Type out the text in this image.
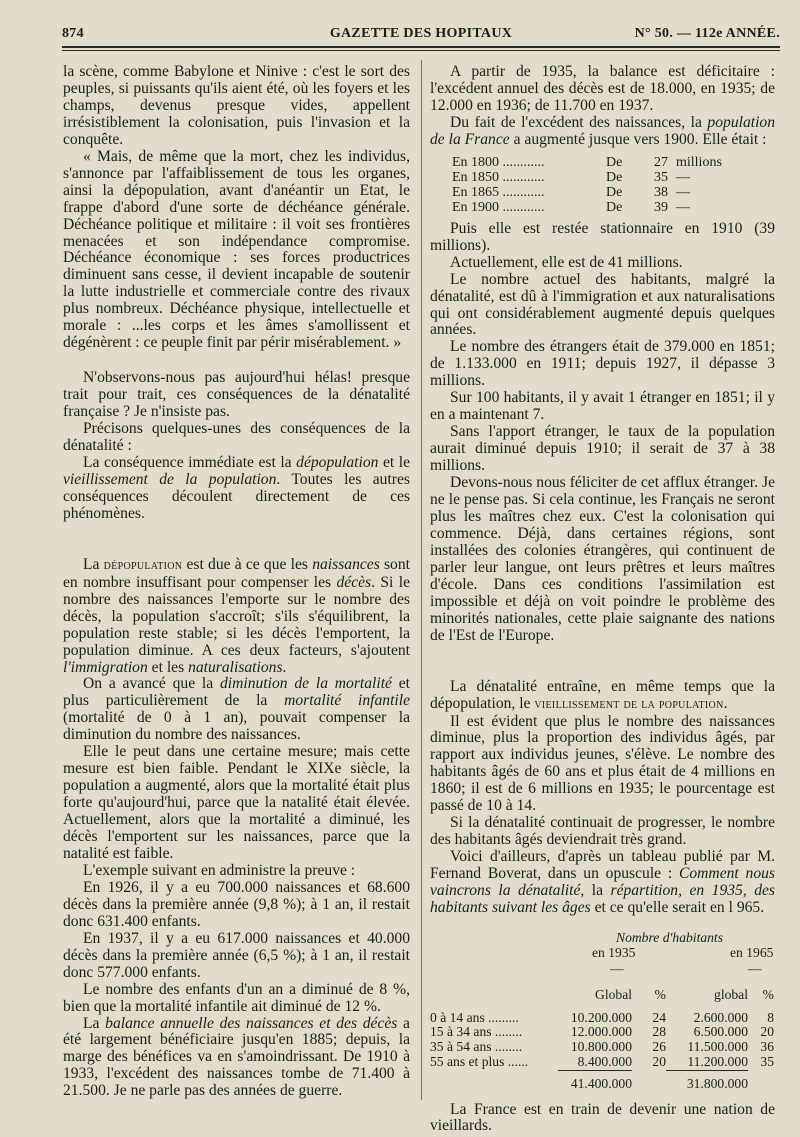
874	GAZETTE DES HOPITAUX	N° 50. — 112e ANNÉE.

la scène, comme Babylone et Ninive : c'est le sort des peuples, si puissants qu'ils aient été, où les foyers et les champs, devenus presque vides, appellent irrésistiblement la colonisation, puis l'invasion et la conquête.

« Mais, de même que la mort, chez les individus, s'annonce par l'affaiblissement de tous les organes, ainsi la dépopulation, avant d'anéantir un Etat, le frappe d'abord d'une sorte de déchéance générale. Déchéance politique et militaire : il voit ses frontières menacées et son indépendance compromise. Déchéance économique : ses forces productrices diminuent sans cesse, il devient incapable de soutenir la lutte industrielle et commerciale contre des rivaux plus nombreux. Déchéance physique, intellectuelle et morale : ...les corps et les âmes s'amollissent et dégénèrent : ce peuple finit par périr misérablement. »

N'observons-nous pas aujourd'hui hélas! presque trait pour trait, ces conséquences de la dénatalité française ? Je n'insiste pas.

Précisons quelques-unes des conséquences de la dénatalité :

La conséquence immédiate est la dépopulation et le vieillissement de la population. Toutes les autres conséquences découlent directement de ces phénomènes.

La dépopulation est due à ce que les naissances sont en nombre insuffisant pour compenser les décès. Si le nombre des naissances l'emporte sur le nombre des décès, la population s'accroît; s'ils s'équilibrent, la population reste stable; si les décès l'emportent, la population diminue. A ces deux facteurs, s'ajoutent l'immigration et les naturalisations.

On a avancé que la diminution de la mortalité et plus particulièrement de la mortalité infantile (mortalité de 0 à 1 an), pouvait compenser la diminution du nombre des naissances.

Elle le peut dans une certaine mesure; mais cette mesure est bien faible. Pendant le XIXe siècle, la population a augmenté, alors que la mortalité était plus forte qu'aujourd'hui, parce que la natalité était élevée. Actuellement, alors que la mortalité a diminué, les décès l'emportent sur les naissances, parce que la natalité est faible.

L'exemple suivant en administre la preuve :

En 1926, il y a eu 700.000 naissances et 68.600 décès dans la première année (9,8 %); à 1 an, il restait donc 631.400 enfants.

En 1937, il y a eu 617.000 naissances et 40.000 décès dans la première année (6,5 %); à 1 an, il restait donc 577.000 enfants.

Le nombre des enfants d'un an a diminué de 8 %, bien que la mortalité infantile ait diminué de 12 %.

La balance annuelle des naissances et des décès a été largement bénéficiaire jusqu'en 1885; depuis, la marge des bénéfices va en s'amoindrissant. De 1910 à 1933, l'excédent des naissances tombe de 71.400 à 21.500. Je ne parle pas des années de guerre.

A partir de 1935, la balance est déficitaire : l'excédent annuel des décès est de 18.000, en 1935; de 12.000 en 1936; de 11.700 en 1937.

Du fait de l'excédent des naissances, la population de la France a augmenté jusque vers 1900. Elle était :

En 1800 ............	De	27	millions
En 1850 ............	De	35	—
En 1865 ............	De	38	—
En 1900 ............	De	39	—

Puis elle est restée stationnaire en 1910 (39 millions).

Actuellement, elle est de 41 millions.

Le nombre actuel des habitants, malgré la dénatalité, est dû à l'immigration et aux naturalisations qui ont considérablement augmenté depuis quelques années.

Le nombre des étrangers était de 379.000 en 1851; de 1.133.000 en 1911; depuis 1927, il dépasse 3 millions.

Sur 100 habitants, il y avait 1 étranger en 1851; il y en a maintenant 7.

Sans l'apport étranger, le taux de la population aurait diminué depuis 1910; il serait de 37 à 38 millions.

Devons-nous nous féliciter de cet afflux étranger. Je ne le pense pas. Si cela continue, les Français ne seront plus les maîtres chez eux. C'est la colonisation qui commence. Déjà, dans certaines régions, sont installées des colonies étrangères, qui continuent de parler leur langue, ont leurs prêtres et leurs maîtres d'école. Dans ces conditions l'assimilation est impossible et déjà on voit poindre le problème des minorités nationales, cette plaie saignante des nations de l'Est de l'Europe.

La dénatalité entraîne, en même temps que la dépopulation, le vieillissement de la population.

Il est évident que plus le nombre des naissances diminue, plus la proportion des individus âgés, par rapport aux individus jeunes, s'élève. Le nombre des habitants âgés de 60 ans et plus était de 4 millions en 1860; il est de 6 millions en 1935; le pourcentage est passé de 10 à 14.

Si la dénatalité continuait de progresser, le nombre des habitants âgés deviendrait très grand.

Voici d'ailleurs, d'après un tableau publié par M. Fernand Boverat, dans un opuscule : Comment nous vaincrons la dénatalité, la répartition, en 1935, des habitants suivant les âges et ce qu'elle serait en l 965.

Nombre d'habitants
en 1935	en 1965
—	—
	Global	%	global	%
0 à 14 ans .........	10.200.000	24	2.600.000	8
15 à 34 ans ........	12.000.000	28	6.500.000	20
35 à 54 ans ........	10.800.000	26	11.500.000	36
55 ans et plus ......	8.400.000	20	11.200.000	35
	41.400.000		31.800.000	

La France est en train de devenir une nation de vieillards.
